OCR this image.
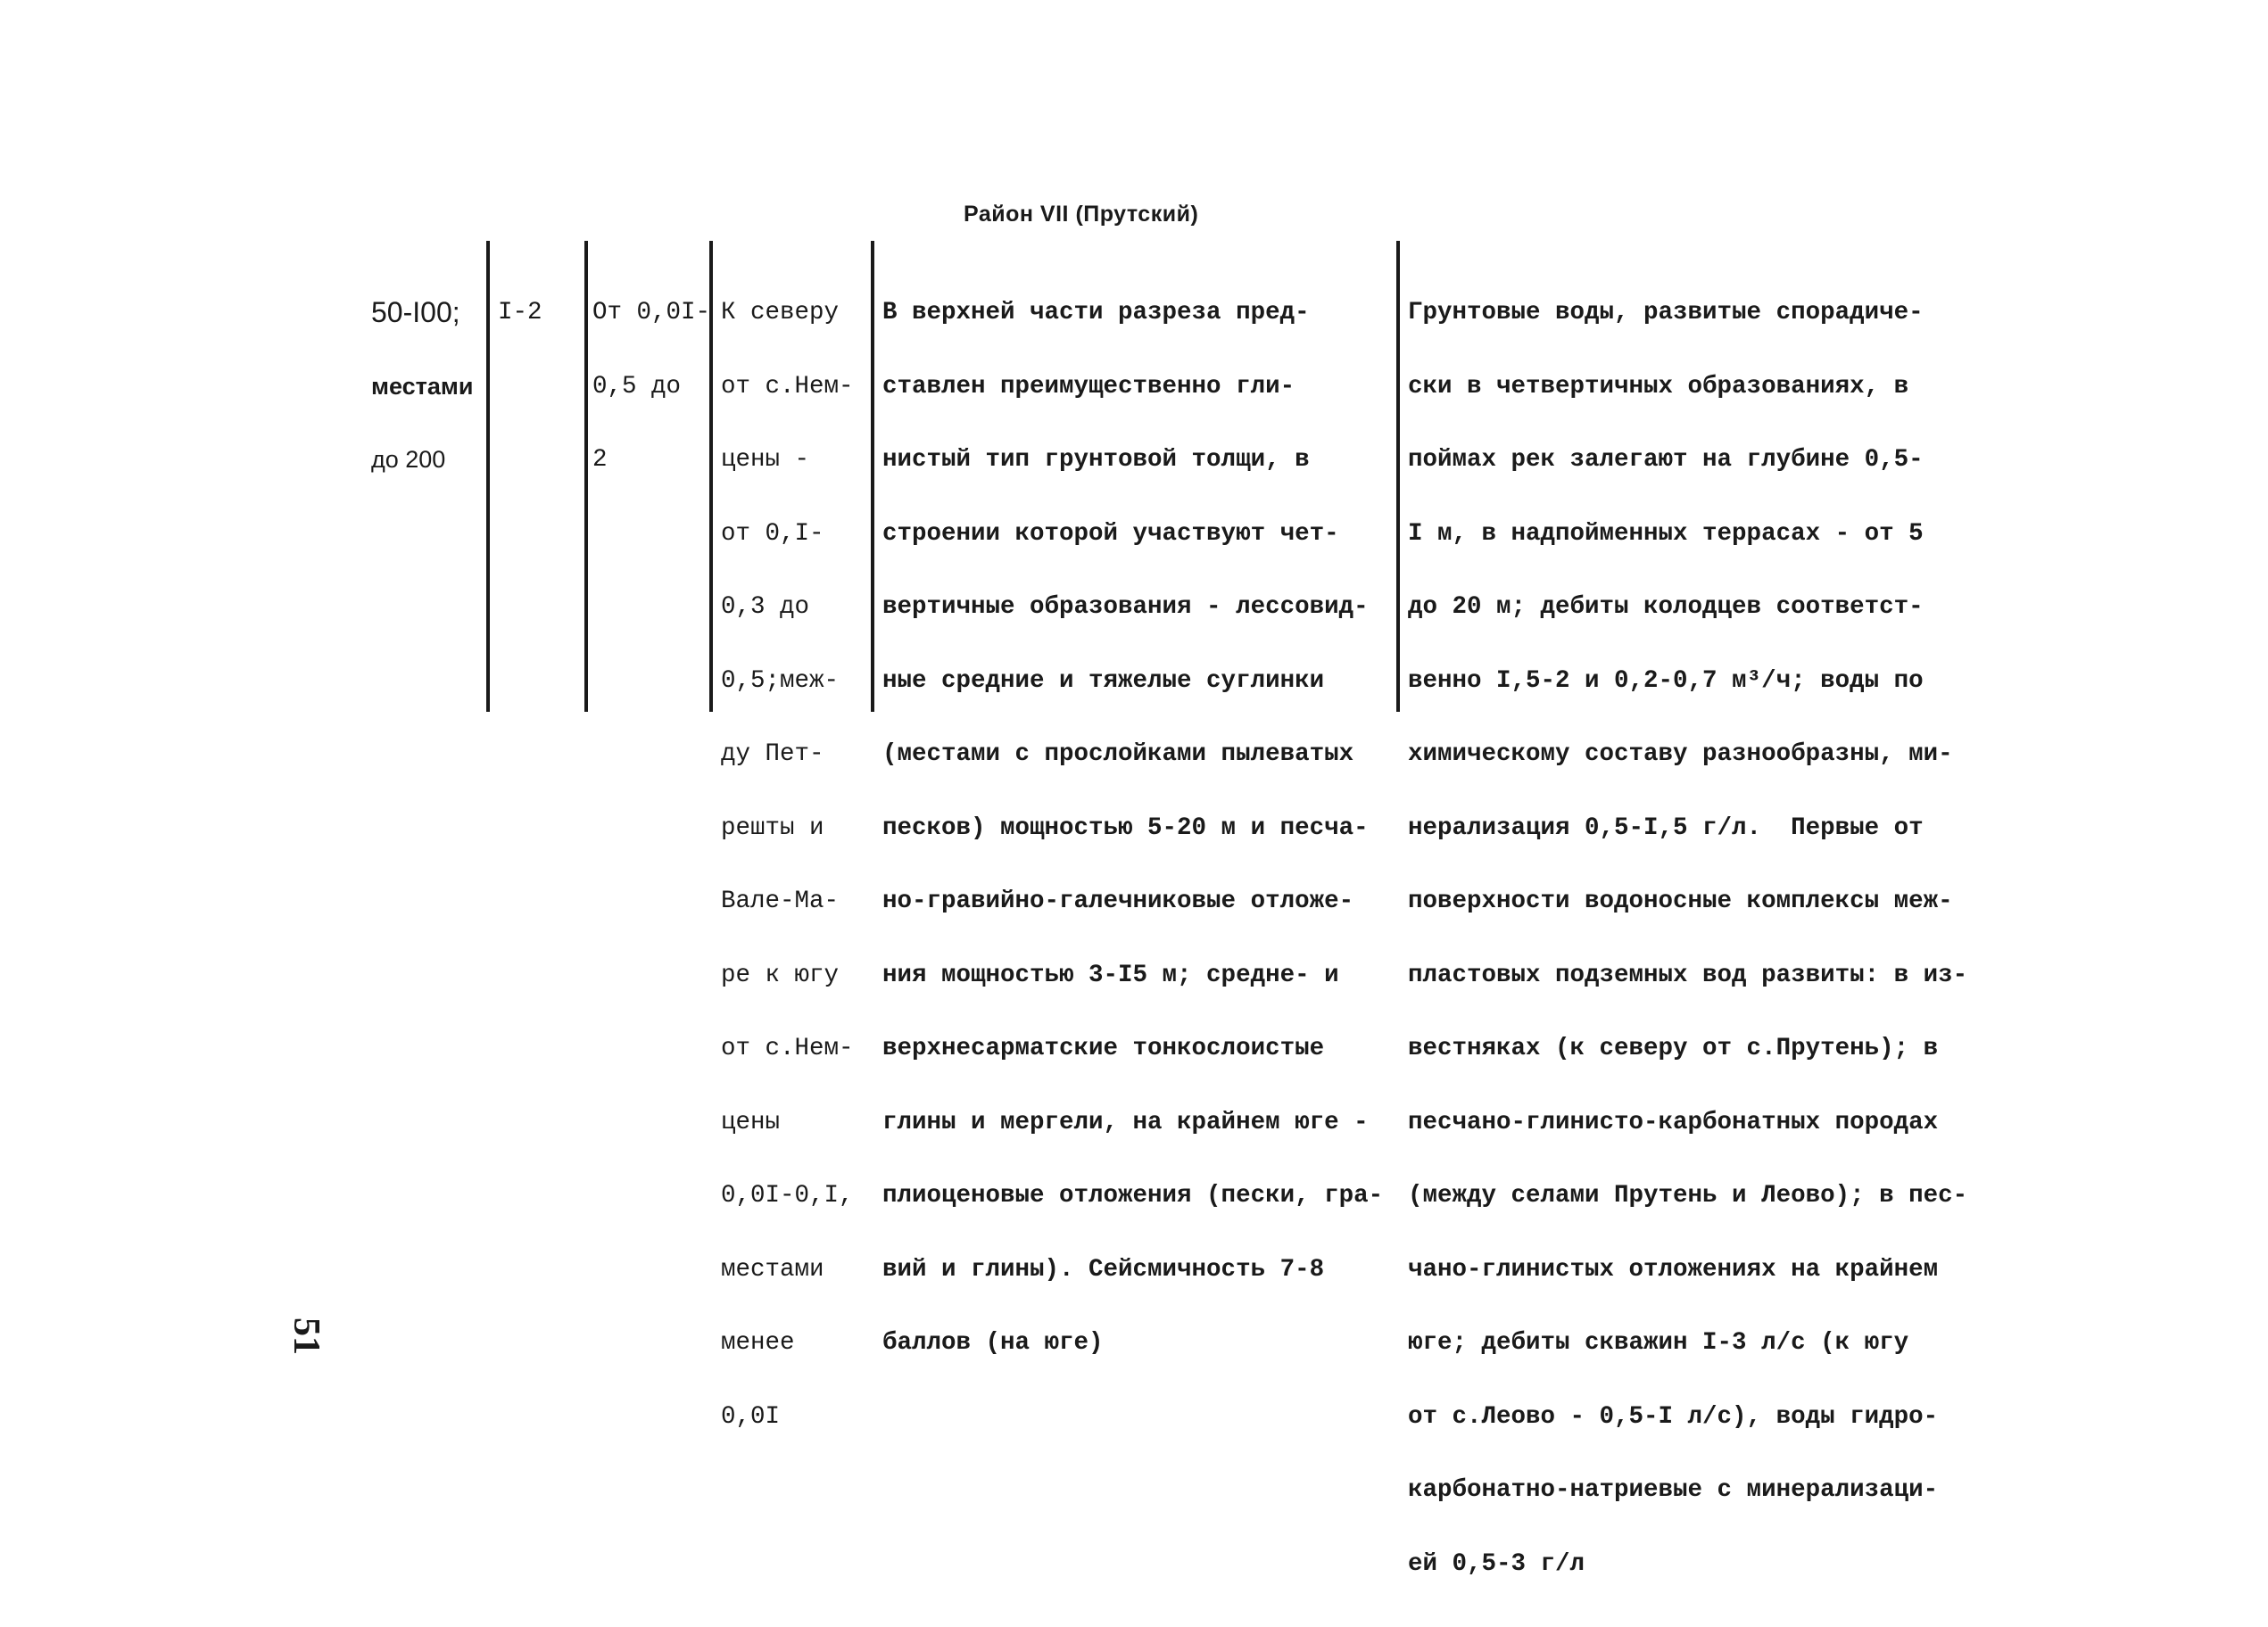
Район VII (Прутский)

50-I00;

местами

до 200

I-2

	От 0,0I-

0,5 до

2

К северу

от с.Нем-

цены -

от 0,I-

0,3 до

0,5;меж-

ду Пет-

решты и

Вале-Ма-

ре к югу

от с.Нем-

цены

0,0I-0,I,

местами

менее

0,0I

В верхней части разреза пред-

ставлен преимущественно гли-

нистый тип грунтовой толщи, в

строении которой участвуют чет-

вертичные образования - лессовид-

ные средние и тяжелые суглинки

(местами с прослойками пылеватых

песков) мощностью 5-20 м и песча-

но-гравийно-галечниковые отложе-

ния мощностью 3-I5 м; средне- и

верхнесарматские тонкослоистые

глины и мергели, на крайнем юге -

плиоценовые отложения (пески, гра-

вий и глины). Сейсмичность 7-8

баллов (на юге)

Грунтовые воды, развитые спорадиче-

ски в четвертичных образованиях, в

поймах рек залегают на глубине 0,5-

I м, в надпойменных террасах - от 5

до 20 м; дебиты колодцев соответст-

венно I,5-2 и 0,2-0,7 м³/ч; воды по

химическому составу разнообразны, ми-

нерализация 0,5-I,5 г/л.  Первые от

поверхности водоносные комплексы меж-

пластовых подземных вод развиты: в из-

вестняках (к северу от с.Прутень); в

песчано-глинисто-карбонатных породах

(между селами Прутень и Леово); в пес-

чано-глинистых отложениях на крайнем

юге; дебиты скважин I-3 л/с (к югу

от с.Леово - 0,5-I л/с), воды гидро-

карбонатно-натриевые с минерализаци-

ей 0,5-3 г/л

51
